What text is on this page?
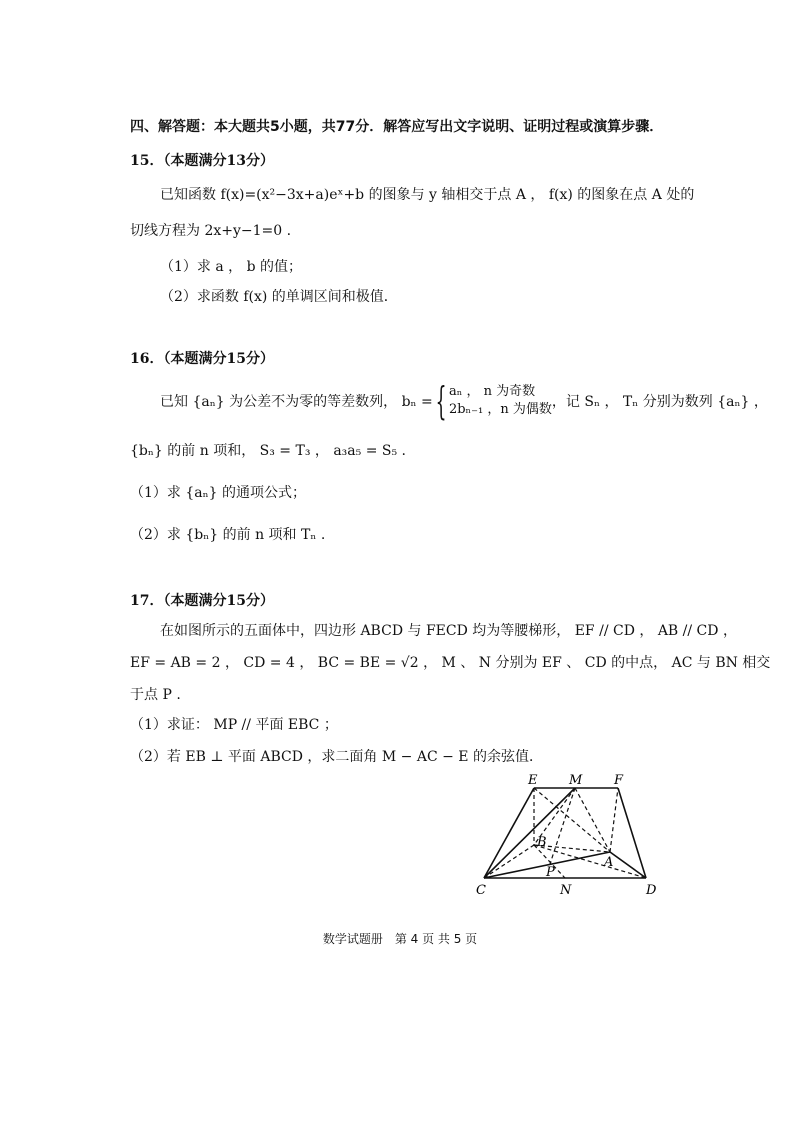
四、解答题：本大题共5小题，共77分．解答应写出文字说明、证明过程或演算步骤．
15．（本题满分13分）
已知函数 f(x)=(x²−3x+a)eˣ+b 的图象与 y 轴相交于点 A ， f(x) 的图象在点 A 处的
切线方程为 2x+y−1=0 .
（1）求 a ， b 的值；
（2）求函数 f(x) 的单调区间和极值．
16．（本题满分15分）
已知 {aₙ} 为公差不为零的等差数列， bₙ = { aₙ ， n 为奇数
2bₙ₋₁ ，n 为偶数 ，记 Sₙ ， Tₙ 分别为数列 {aₙ} ，
{bₙ} 的前 n 项和， S₃ = T₃ ， a₃a₅ = S₅ .
（1）求 {aₙ} 的通项公式；
（2）求 {bₙ} 的前 n 项和 Tₙ .
17．（本题满分15分）
在如图所示的五面体中，四边形 ABCD 与 FECD 均为等腰梯形， EF // CD ， AB // CD ，
EF = AB = 2 ， CD = 4 ， BC = BE = √2 ， M 、 N 分别为 EF 、 CD 的中点， AC 与 BN 相交
于点 P .
（1）求证： MP // 平面 EBC ；
（2）若 EB ⊥ 平面 ABCD ，求二面角 M − AC − E 的余弦值．
E M F
B
A
P
C	N	D
数学试题册　第 4 页 共 5 页
